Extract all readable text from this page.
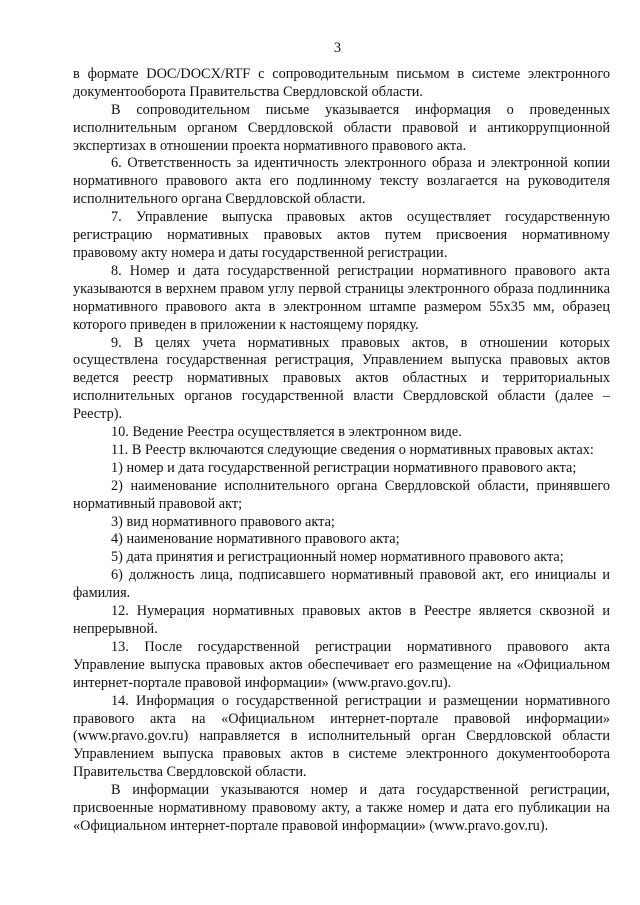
3

в формате DOC/DOCX/RTF с сопроводительным письмом в системе электронного документооборота Правительства Свердловской области.

В сопроводительном письме указывается информация о проведенных исполнительным органом Свердловской области правовой и антикоррупционной экспертизах в отношении проекта нормативного правового акта.

6. Ответственность за идентичность электронного образа и электронной копии нормативного правового акта его подлинному тексту возлагается на руководителя исполнительного органа Свердловской области.

7. Управление выпуска правовых актов осуществляет государственную регистрацию нормативных правовых актов путем присвоения нормативному правовому акту номера и даты государственной регистрации.

8. Номер и дата государственной регистрации нормативного правового акта указываются в верхнем правом углу первой страницы электронного образа подлинника нормативного правового акта в электронном штампе размером 55х35 мм, образец которого приведен в приложении к настоящему порядку.

9. В целях учета нормативных правовых актов, в отношении которых осуществлена государственная регистрация, Управлением выпуска правовых актов ведется реестр нормативных правовых актов областных и территориальных исполнительных органов государственной власти Свердловской области (далее – Реестр).

10. Ведение Реестра осуществляется в электронном виде.

11. В Реестр включаются следующие сведения о нормативных правовых актах:

1) номер и дата государственной регистрации нормативного правового акта;

2) наименование исполнительного органа Свердловской области, принявшего нормативный правовой акт;

3) вид нормативного правового акта;

4) наименование нормативного правового акта;

5) дата принятия и регистрационный номер нормативного правового акта;

6) должность лица, подписавшего нормативный правовой акт, его инициалы и фамилия.

12. Нумерация нормативных правовых актов в Реестре является сквозной и непрерывной.

13. После государственной регистрации нормативного правового акта Управление выпуска правовых актов обеспечивает его размещение на «Официальном интернет-портале правовой информации» (www.pravo.gov.ru).

14. Информация о государственной регистрации и размещении нормативного правового акта на «Официальном интернет-портале правовой информации» (www.pravo.gov.ru) направляется в исполнительный орган Свердловской области Управлением выпуска правовых актов в системе электронного документооборота Правительства Свердловской области.

В информации указываются номер и дата государственной регистрации, присвоенные нормативному правовому акту, а также номер и дата его публикации на «Официальном интернет-портале правовой информации» (www.pravo.gov.ru).
